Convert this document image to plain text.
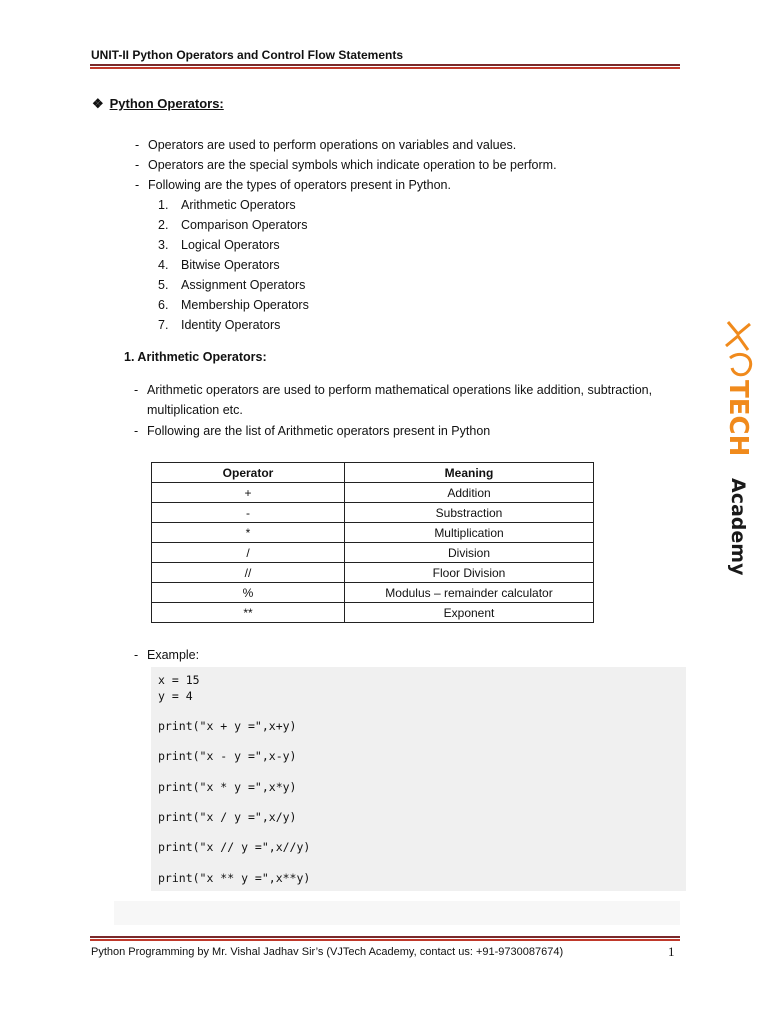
UNIT-II Python Operators and Control Flow Statements
❖ Python Operators:
- Operators are used to perform operations on variables and values.
- Operators are the special symbols which indicate operation to be perform.
- Following are the types of operators present in Python.
1. Arithmetic Operators
2. Comparison Operators
3. Logical Operators
4. Bitwise Operators
5. Assignment Operators
6. Membership Operators
7. Identity Operators
1. Arithmetic Operators:
- Arithmetic operators are used to perform mathematical operations like addition, subtraction,
multiplication etc.
- Following are the list of Arithmetic operators present in Python
Operator	Meaning
+	Addition
-	Substraction
*	Multiplication
/	Division
//	Floor Division
%	Modulus – remainder calculator
**	Exponent
- Example:
x = 15
y = 4
print("x + y =",x+y)
print("x - y =",x-y)
print("x * y =",x*y)
print("x / y =",x/y)
print("x // y =",x//y)
print("x ** y =",x**y)
TECH
Academy
Python Programming by Mr. Vishal Jadhav Sir’s (VJTech Academy, contact us: +91-9730087674)	1
